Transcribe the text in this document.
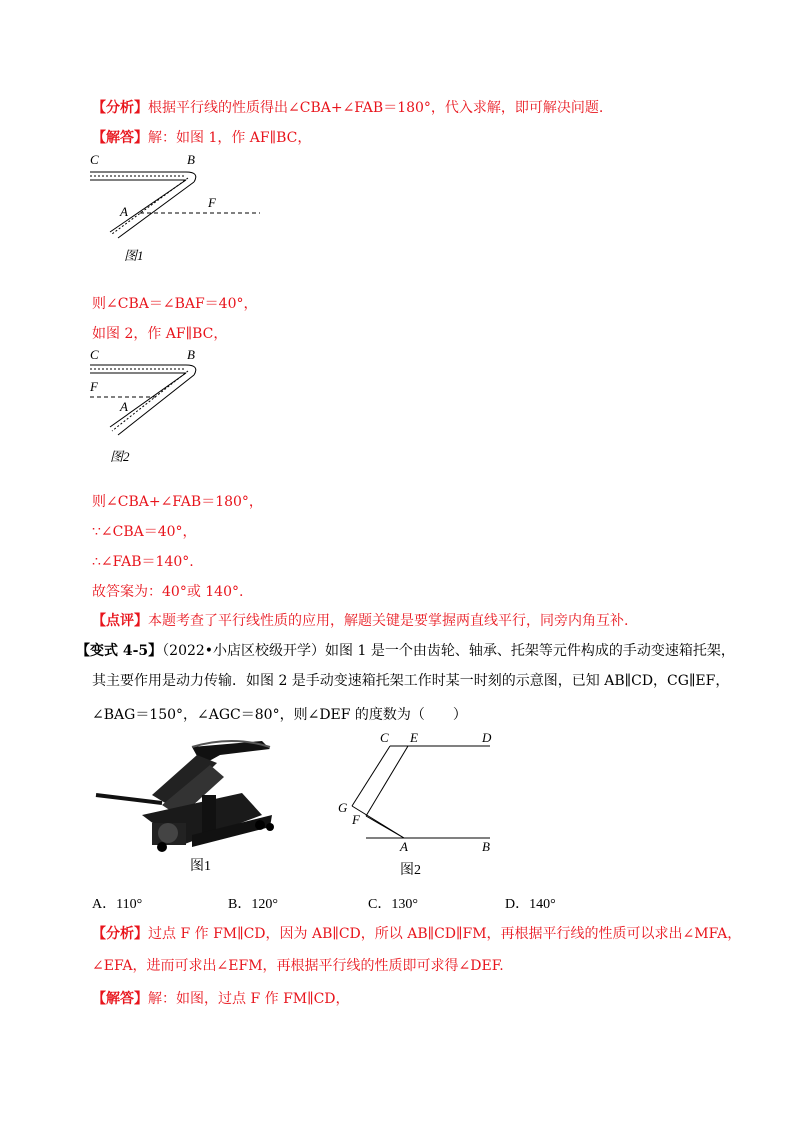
【分析】根据平行线的性质得出∠CBA+∠FAB＝180°，代入求解，即可解决问题.
【解答】解：如图 1，作 AF∥BC，
C	B
A
F
图1
则∠CBA＝∠BAF＝40°，
如图 2，作 AF∥BC，
C	B
F
A
图2
则∠CBA+∠FAB＝180°，
∵∠CBA＝40°，
∴∠FAB＝140°.
故答案为：40°或 140°.
【点评】本题考查了平行线性质的应用，解题关键是要掌握两直线平行，同旁内角互补.
【变式 4-5】（2022•小店区校级开学）如图 1 是一个由齿轮、轴承、托架等元件构成的手动变速箱托架，
其主要作用是动力传输．如图 2 是手动变速箱托架工作时某一时刻的示意图，已知 AB∥CD，CG∥EF，
∠BAG＝150°，∠AGC＝80°，则∠DEF 的度数为（　　）
图1
C E	D
G
F
A	B
图2
A．110°	B．120°	C．130°	D．140°
【分析】过点 F 作 FM∥CD，因为 AB∥CD，所以 AB∥CD∥FM，再根据平行线的性质可以求出∠MFA，
∠EFA，进而可求出∠EFM，再根据平行线的性质即可求得∠DEF.
【解答】解：如图，过点 F 作 FM∥CD，
